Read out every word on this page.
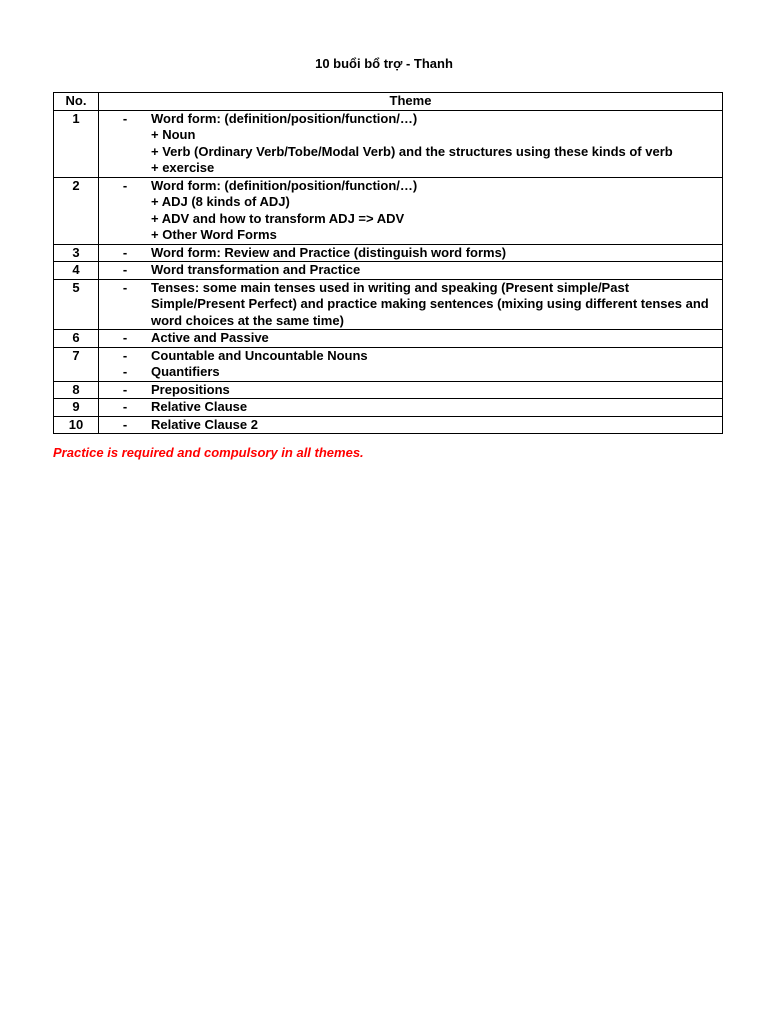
10 buổi bổ trợ - Thanh
No.	Theme
1	- Word form: (definition/position/function/…)
+ Noun
+ Verb (Ordinary Verb/Tobe/Modal Verb) and the structures using these kinds of verb
+ exercise

2	- Word form: (definition/position/function/…)
+ ADJ (8 kinds of ADJ)
+ ADV and how to transform ADJ => ADV
+ Other Word Forms

3	- Word form: Review and Practice (distinguish word forms)

4	- Word transformation and Practice

5	- Tenses: some main tenses used in writing and speaking (Present simple/Past Simple/Present Perfect) and practice making sentences (mixing using different tenses and word choices at the same time)

6	- Active and Passive

7	- Countable and Uncountable Nouns
- Quantifiers

8	- Prepositions

9	- Relative Clause

10	- Relative Clause 2
Practice is required and compulsory in all themes.
